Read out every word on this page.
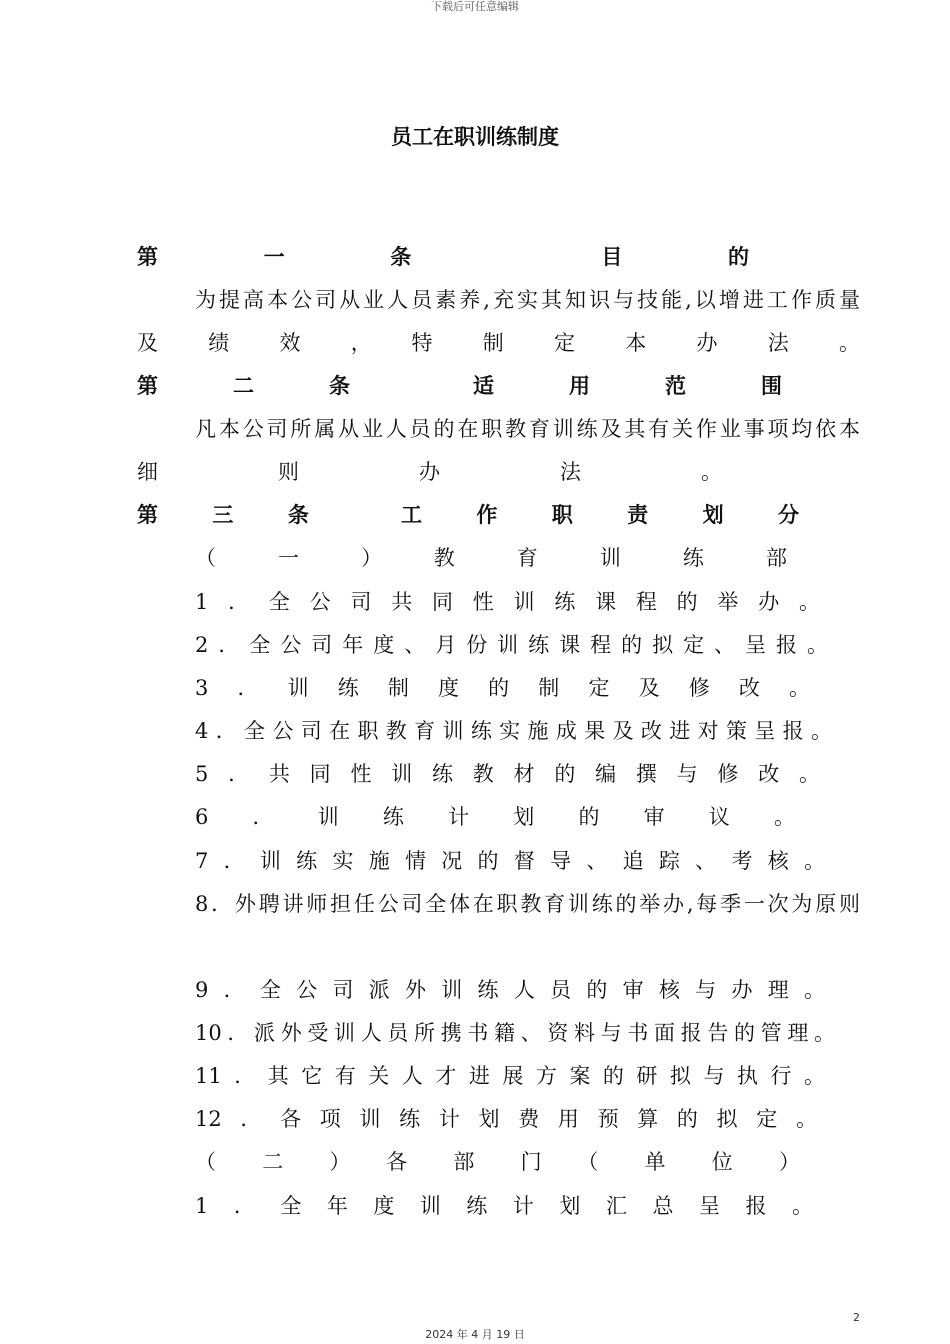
下载后可任意编辑
员工在职训练制度
第　　一　　条　　　　目　　的
为提高本公司从业人员素养,充实其知识与技能,以增进工作质量
及　绩　效　，　特　制　定　本　办　法　。
第　二　条　　适　用　范　围
凡本公司所属从业人员的在职教育训练及其有关作业事项均依本
细　　则　　办　　法　　。
第　三　条　　工　作　职　责　划　分
（　一　）　教　育　训　练　部
1．全公司共同性训练课程的举办。
2．全公司年度、月份训练课程的拟定、呈报。
3．训练制度的制定及修改。
4．全公司在职教育训练实施成果及改进对策呈报。
5．共同性训练教材的编撰与修改。
6．训练计划的审议。
7．训练实施情况的督导、追踪、考核。
8．外聘讲师担任公司全体在职教育训练的举办,每季一次为原则
9．全公司派外训练人员的审核与办理。
10．派外受训人员所携书籍、资料与书面报告的管理。
11．其它有关人才进展方案的研拟与执行。
12．各项训练计划费用预算的拟定。
（　二　）　各　部　门　（　单　位　）
1．全年度训练计划汇总呈报。
2
2024 年 4 月 19 日
